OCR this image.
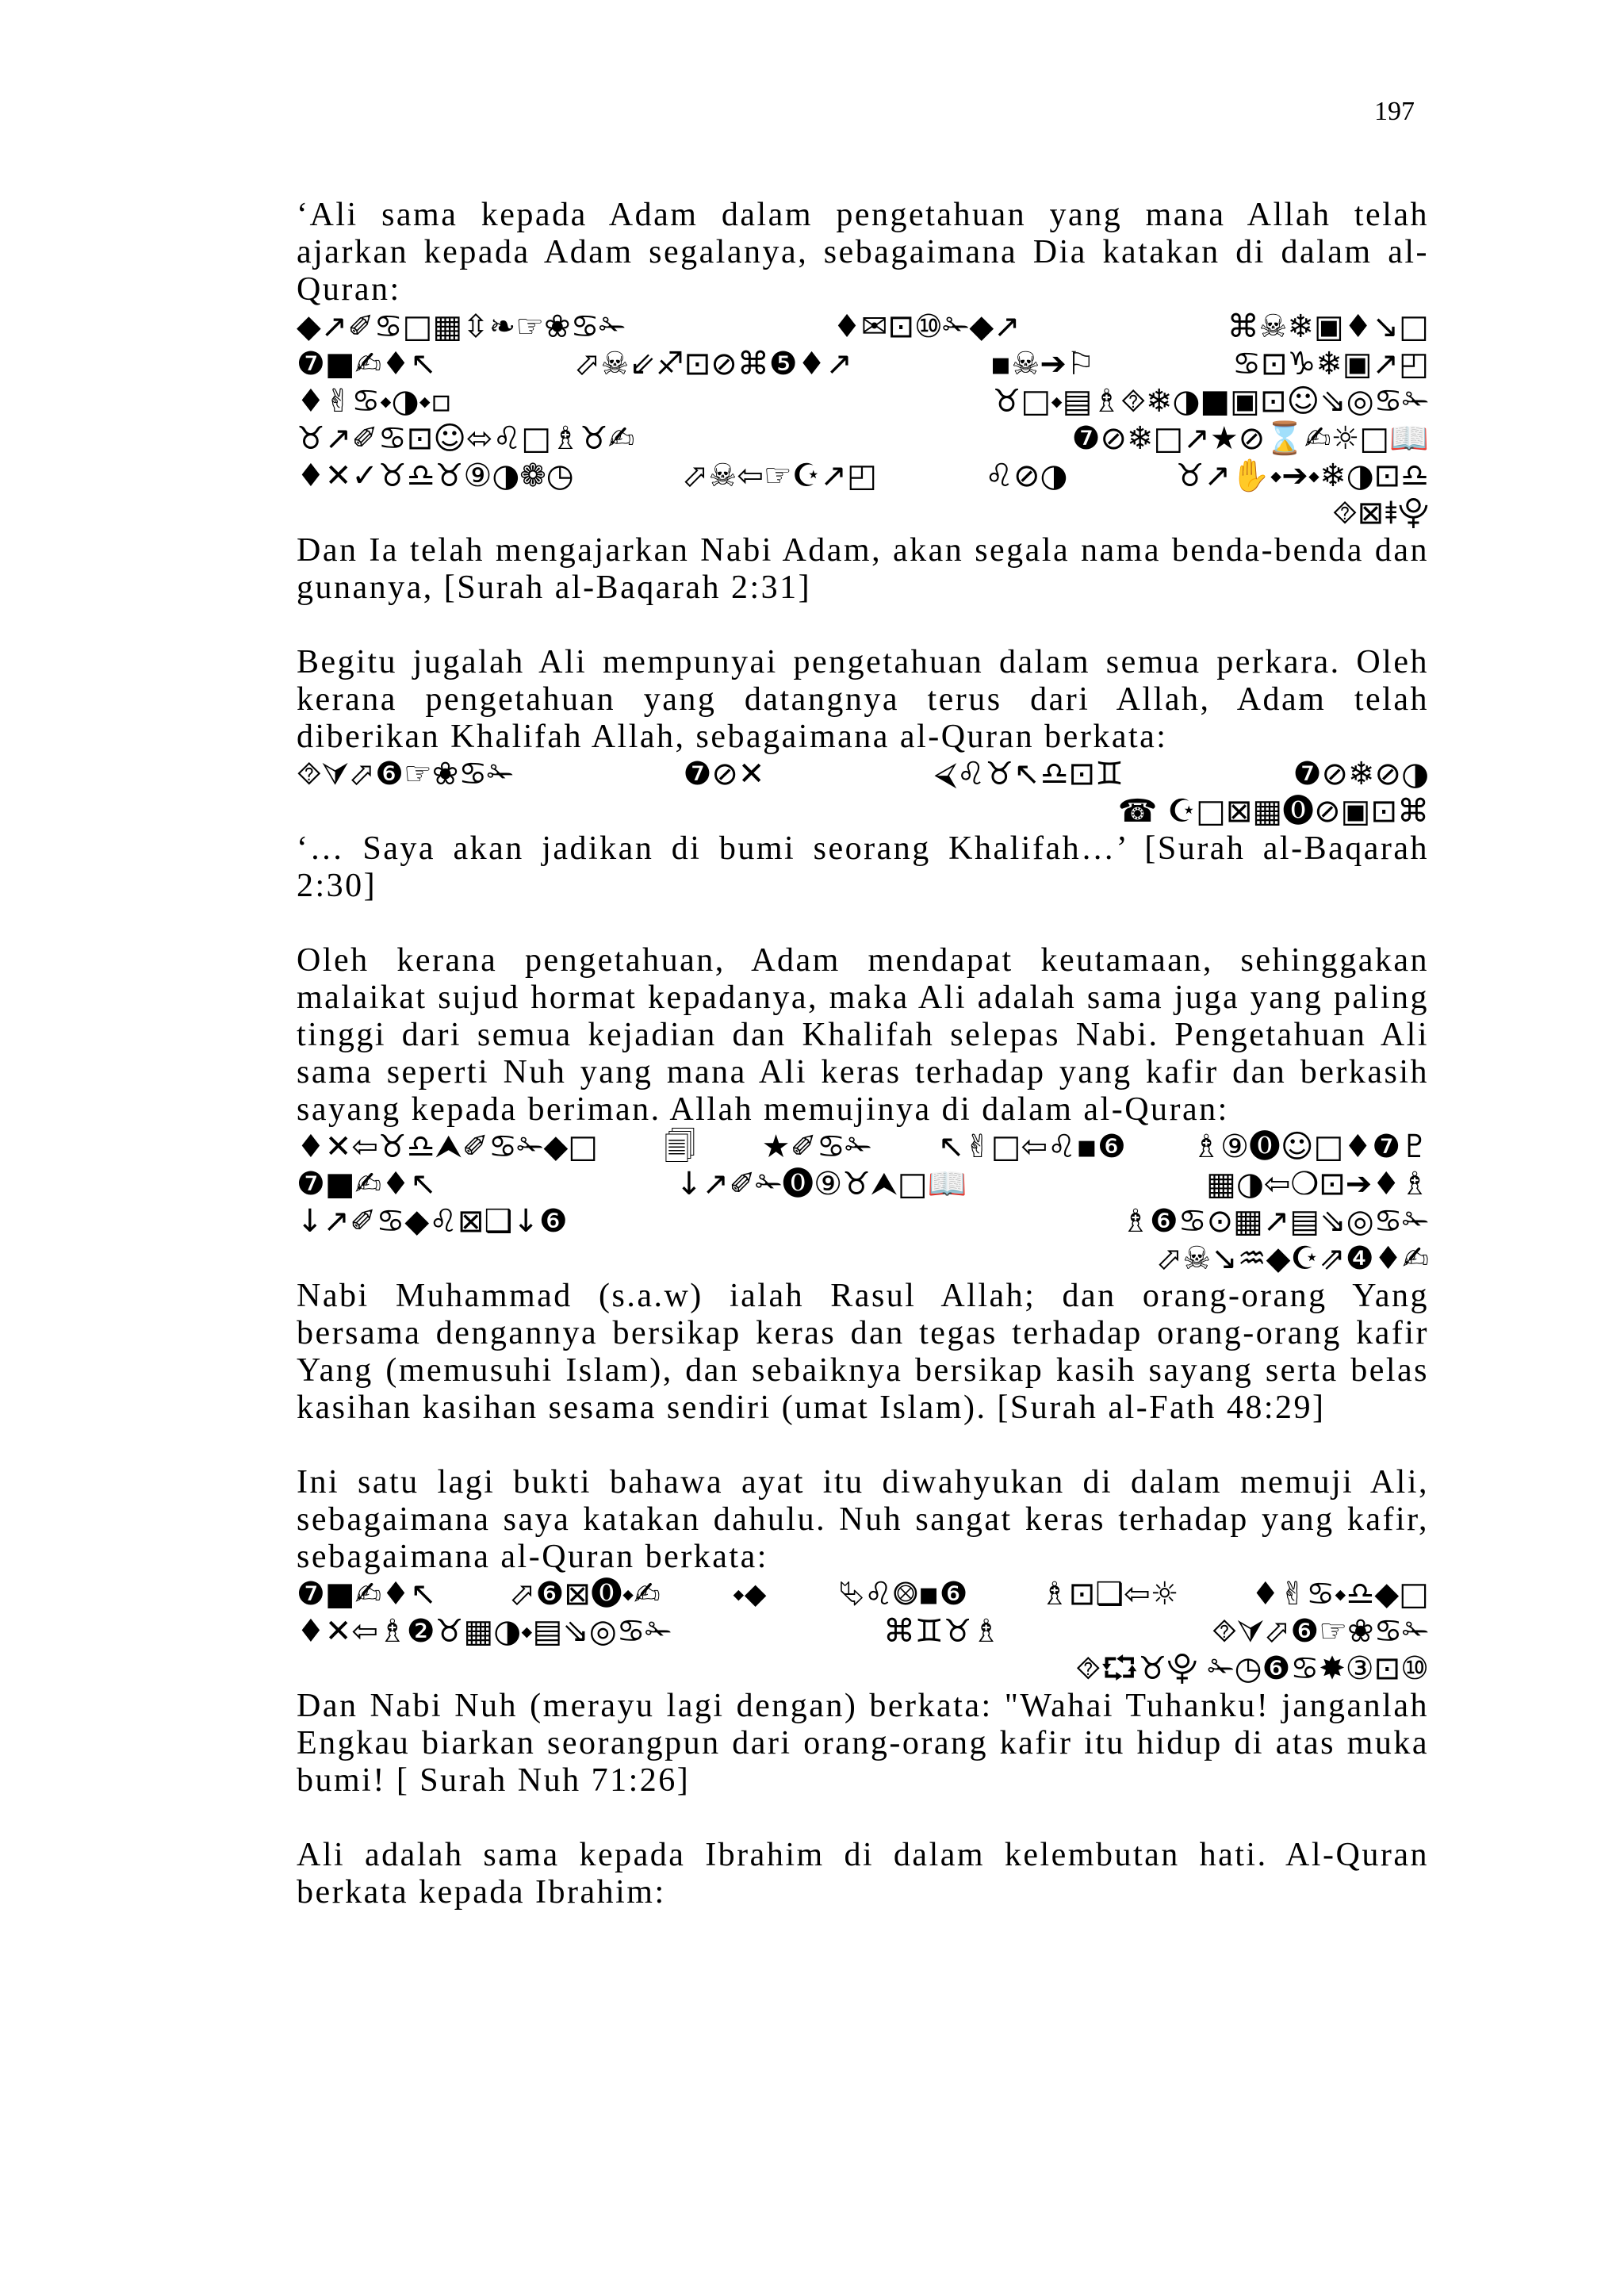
197

‘Ali sama kepada Adam dalam pengetahuan yang mana Allah telah ajarkan kepada Adam segalanya, sebagaimana Dia katakan di dalam al-Quran:

◆↗✐♋□▦⇳❧☞❀♋✁	♦✉⊡⑩✁◆↗	⌘☠❄▣♦↘□
❼■✍♦↖	⬀☠⇙♐⊡⊘⌘❺♦↗	▪☠➔⚐	♋⊡♑❄▣↗◰
♦✌♋⬩◑⬩▫	♉□⬩▤♗⯑❄◑■▣⊡☺⇘◎♋✁
♉↗✐♋⊡☺⬄♌□♗♉✍	❼⊘❄□↗★⊘⌛✍☼□📖
♦✕✓♉♎♉⑨◑❁◷	⬀☠⇦☞☪↗◰	♌⊘◑	♉↗✋⬩➔⬩❄◑⊡♎
⯑⊠⯒⯓

Dan Ia telah mengajarkan Nabi Adam, akan segala nama benda-benda dan gunanya, [Surah al-Baqarah 2:31]

Begitu jugalah Ali mempunyai pengetahuan dalam semua perkara. Oleh kerana pengetahuan yang datangnya terus dari Allah, Adam telah diberikan Khalifah Allah, sebagaimana al-Quran berkata:

⯑⮛⬀❻☞❀♋✁	❼⊘✕	⮘♌♉↖♎⊡♊	❼⊘❄⊘◑
☎ ☪□⊠▦⓿⊘▣⊡⌘

‘… Saya akan jadikan di bumi seorang Khalifah…’ [Surah al-Baqarah 2:30]

Oleh kerana pengetahuan, Adam mendapat keutamaan, sehinggakan malaikat sujud hormat kepadanya, maka Ali adalah sama juga yang paling tinggi dari semua kejadian dan Khalifah selepas Nabi. Pengetahuan Ali sama seperti Nuh yang mana Ali keras terhadap yang kafir dan berkasih sayang kepada beriman. Allah memujinya di dalam al-Quran:

♦✕⇦♉♎⮝✐♋✁◆□ 🗐 ★✐♋✁ ↖✌□⇦♌▪❻ ♗⑨⓿☺□♦❼♇
❼■✍♦↖	↓↗✐✁⓿⑨♉⮝□📖	▦◑⇦❍⊡➔♦♗
↓↗✐♋◆♌⊠❑↓❻	♗❻♋⊙▦↗▤⇘◎♋✁
⬀☠↘♒◆☪⇗❹♦✍

Nabi Muhammad (s.a.w) ialah Rasul Allah; dan orang-orang Yang bersama dengannya bersikap keras dan tegas terhadap orang-orang kafir Yang (memusuhi Islam), dan sebaiknya bersikap kasih sayang serta belas kasihan kasihan sesama sendiri (umat Islam). [Surah al-Fath 48:29]

Ini satu lagi bukti bahawa ayat itu diwahyukan di dalam memuji Ali, sebagaimana saya katakan dahulu. Nuh sangat keras terhadap yang kafir, sebagaimana al-Quran berkata:

❼■✍♦↖ ⬀❻⊠⓿⬩✍ ⬩⬥ ⮱♌⨷▪❻ ♗⊡❑⇦☼ ♦✌♋⬩♎◆□
♦✕⇦♗❷♉▦◑⬩▤⇘◎♋✁	⌘♊♉♗	⯑⮛⬀❻☞❀♋✁
⯑⮔♉⯓ ✁◷❻♋✸③⊡⑩

Dan Nabi Nuh (merayu lagi dengan) berkata: "Wahai Tuhanku! janganlah Engkau biarkan seorangpun dari orang-orang kafir itu hidup di atas muka bumi! [ Surah Nuh 71:26]

Ali adalah sama kepada Ibrahim di dalam kelembutan hati. Al-Quran berkata kepada Ibrahim:
